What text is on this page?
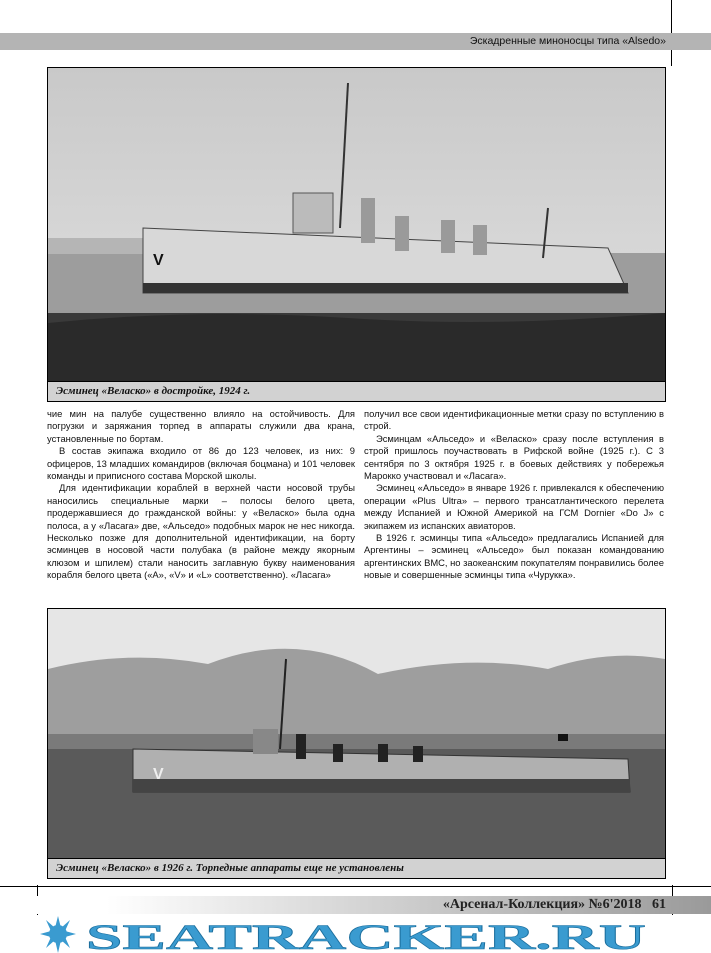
Эскадренные миноносцы типа «Alsedo»
V
Эсминец «Веласко» в достройке, 1924 г.

чие мин на палубе существенно влияло на остойчивость. Для погрузки и заряжания торпед в аппараты служили два крана, установленные по бортам.

В состав экипажа входило от 86 до 123 человек, из них: 9 офицеров, 13 младших командиров (включая боцмана) и 101 человек команды и приписного состава Морской школы.

Для идентификации кораблей в верхней части носовой трубы наносились специальные марки – полосы белого цвета, продержавшиеся до гражданской войны: у «Веласко» была одна полоса, а у «Ласага» две, «Альседо» подобных марок не нес никогда. Несколько позже для дополнительной идентификации, на борту эсминцев в носовой части полубака (в районе между якорным клюзом и шпилем) стали наносить заглавную букву наименования корабля белого цвета («A», «V» и «L» соответственно). «Ласага»

получил все свои идентификационные метки сразу по вступлению в строй.

Эсминцам «Альседо» и «Веласко» сразу после вступления в строй пришлось поучаствовать в Рифской войне (1925 г.). С 3 сентября по 3 октября 1925 г. в боевых действиях у побережья Марокко участвовал и «Ласага».

Эсминец «Альседо» в январе 1926 г. привлекался к обеспечению операции «Plus Ultra» – первого трансатлантического перелета между Испанией и Южной Америкой на ГСМ Dornier «Do J» с экипажем из испанских авиаторов.

В 1926 г. эсминцы типа «Альседо» предлагались Испанией для Аргентины – эсминец «Альседо» был показан командованию аргентинских ВМС, но заокеанским покупателям понравились более новые и совершенные эсминцы типа «Чурукка».

V
Эсминец «Веласко» в 1926 г. Торпедные аппараты еще не установлены
«Арсенал-Коллекция» №6'2018 61
SEATRACKER.RU
